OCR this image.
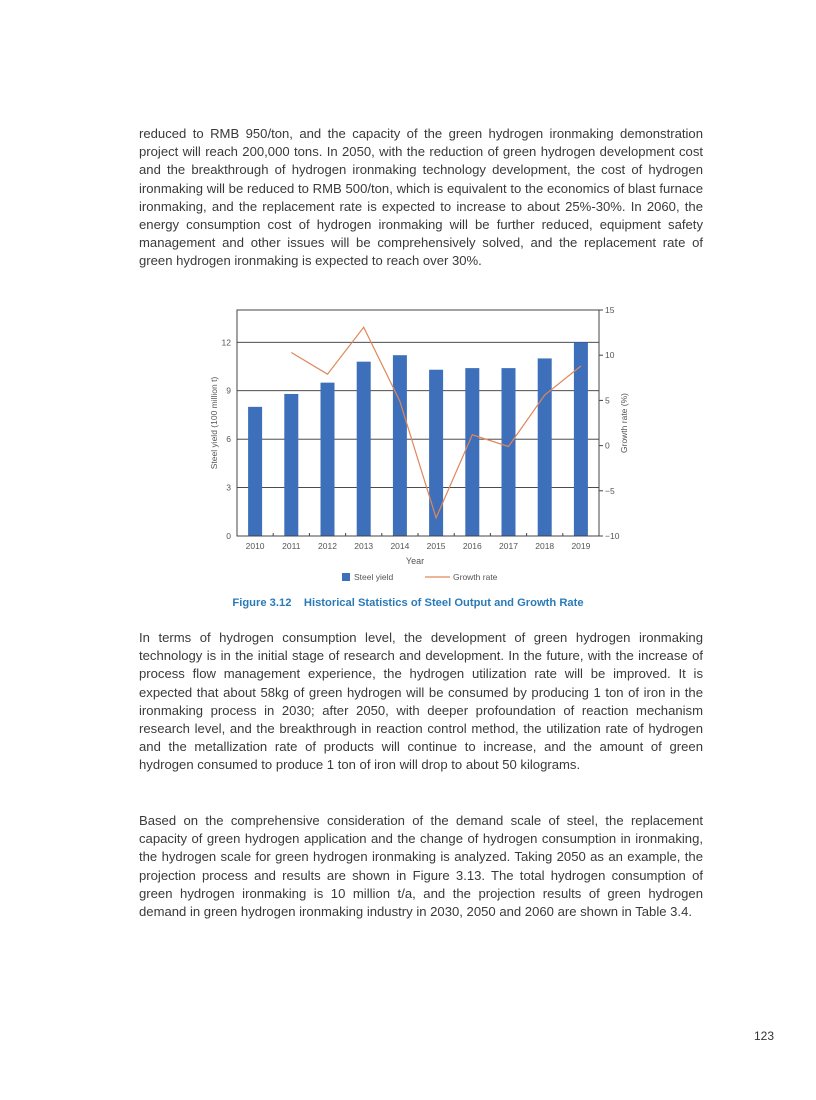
reduced to RMB 950/ton, and the capacity of the green hydrogen ironmaking demonstration project will reach 200,000 tons. In 2050, with the reduction of green hydrogen development cost and the breakthrough of hydrogen ironmaking technology development, the cost of hydrogen ironmaking will be reduced to RMB 500/ton, which is equivalent to the economics of blast furnace ironmaking, and the replacement rate is expected to increase to about 25%-30%. In 2060, the energy consumption cost of hydrogen ironmaking will be further reduced, equipment safety management and other issues will be comprehensively solved, and the replacement rate of green hydrogen ironmaking is expected to reach over 30%.

2010 2011 2012 2013 2014 2015 2016 2017 2018 2019
0
3
6
9
12
−10
−5
0
5
10
15
Year
Steel yield (100 million t)	Growth rate (%)
Steel yield	Growth rate
Figure 3.12    Historical Statistics of Steel Output and Growth Rate

In terms of hydrogen consumption level, the development of green hydrogen ironmaking technology is in the initial stage of research and development. In the future, with the increase of process flow management experience, the hydrogen utilization rate will be improved. It is expected that about 58kg of green hydrogen will be consumed by producing 1 ton of iron in the ironmaking process in 2030; after 2050, with deeper profoundation of reaction mechanism research level, and the breakthrough in reaction control method, the utilization rate of hydrogen and the metallization rate of products will continue to increase, and the amount of green hydrogen consumed to produce 1 ton of iron will drop to about 50 kilograms.

Based on the comprehensive consideration of the demand scale of steel, the replacement capacity of green hydrogen application and the change of hydrogen consumption in ironmaking, the hydrogen scale for green hydrogen ironmaking is analyzed. Taking 2050 as an example, the projection process and results are shown in Figure 3.13. The total hydrogen consumption of green hydrogen ironmaking is 10 million t/a, and the projection results of green hydrogen demand in green hydrogen ironmaking industry in 2030, 2050 and 2060 are shown in Table 3.4.

123
